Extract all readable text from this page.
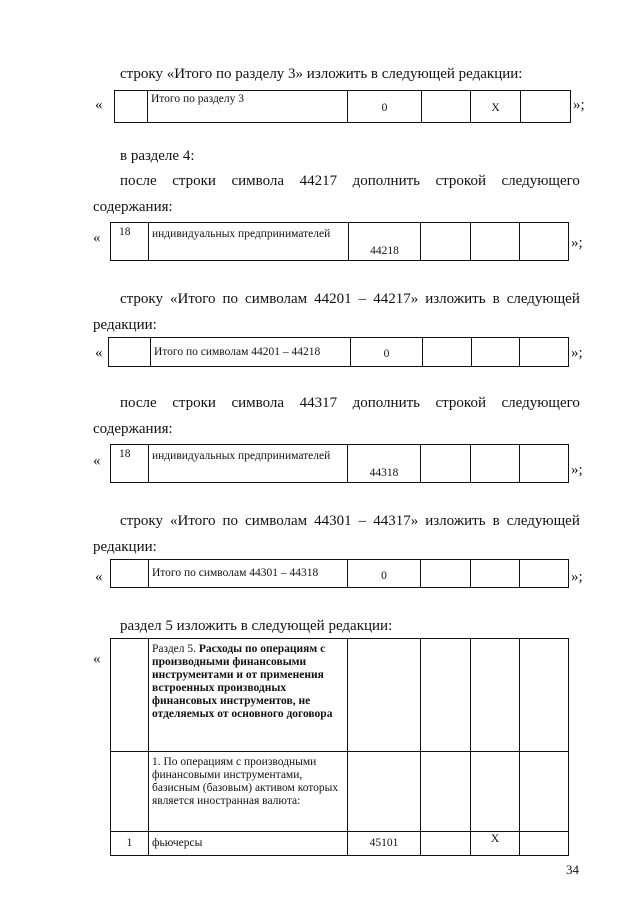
строку «Итого по разделу 3» изложить в следующей редакции:
«
		Итого по разделу 3	0		X		»;
в разделе 4:
после строки символа 44217 дополнить строкой следующего
содержания:
« 18	индивидуальных предпринимателей	44218				»;
строку «Итого по символам 44201 – 44217» изложить в следующей
редакции:
«
		Итого по символам 44201 – 44218	0				»;
после строки символа 44317 дополнить строкой следующего
содержания:
« 18	индивидуальных предпринимателей	44318				»;
строку «Итого по символам 44301 – 44317» изложить в следующей
редакции:
«
		Итого по символам 44301 – 44318	0				»;
раздел 5 изложить в следующей редакции:
«
	Раздел 5. Расходы по операциям с производными финансовыми инструментами и от применения встроенных производных финансовых инструментов, не отделяемых от основного договора				
	1. По операциям с производными финансовыми инструментами, базисным (базовым) активом которых является иностранная валюта:				
1	фьючерсы	45101		X	
34
